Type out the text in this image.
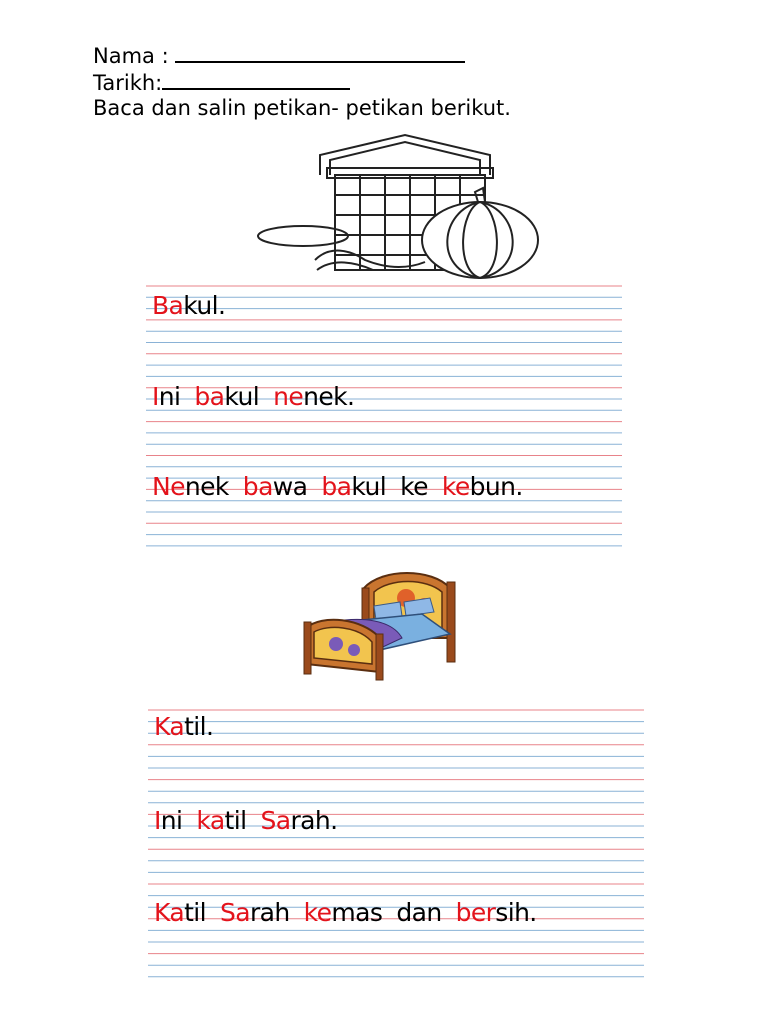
Nama :
Tarikh:
Baca dan salin petikan- petikan berikut.
Bakul.
Ini bakul nenek.
Nenek bawa bakul ke kebun.
Katil.
Ini katil Sarah.
Katil Sarah kemas dan bersih.
